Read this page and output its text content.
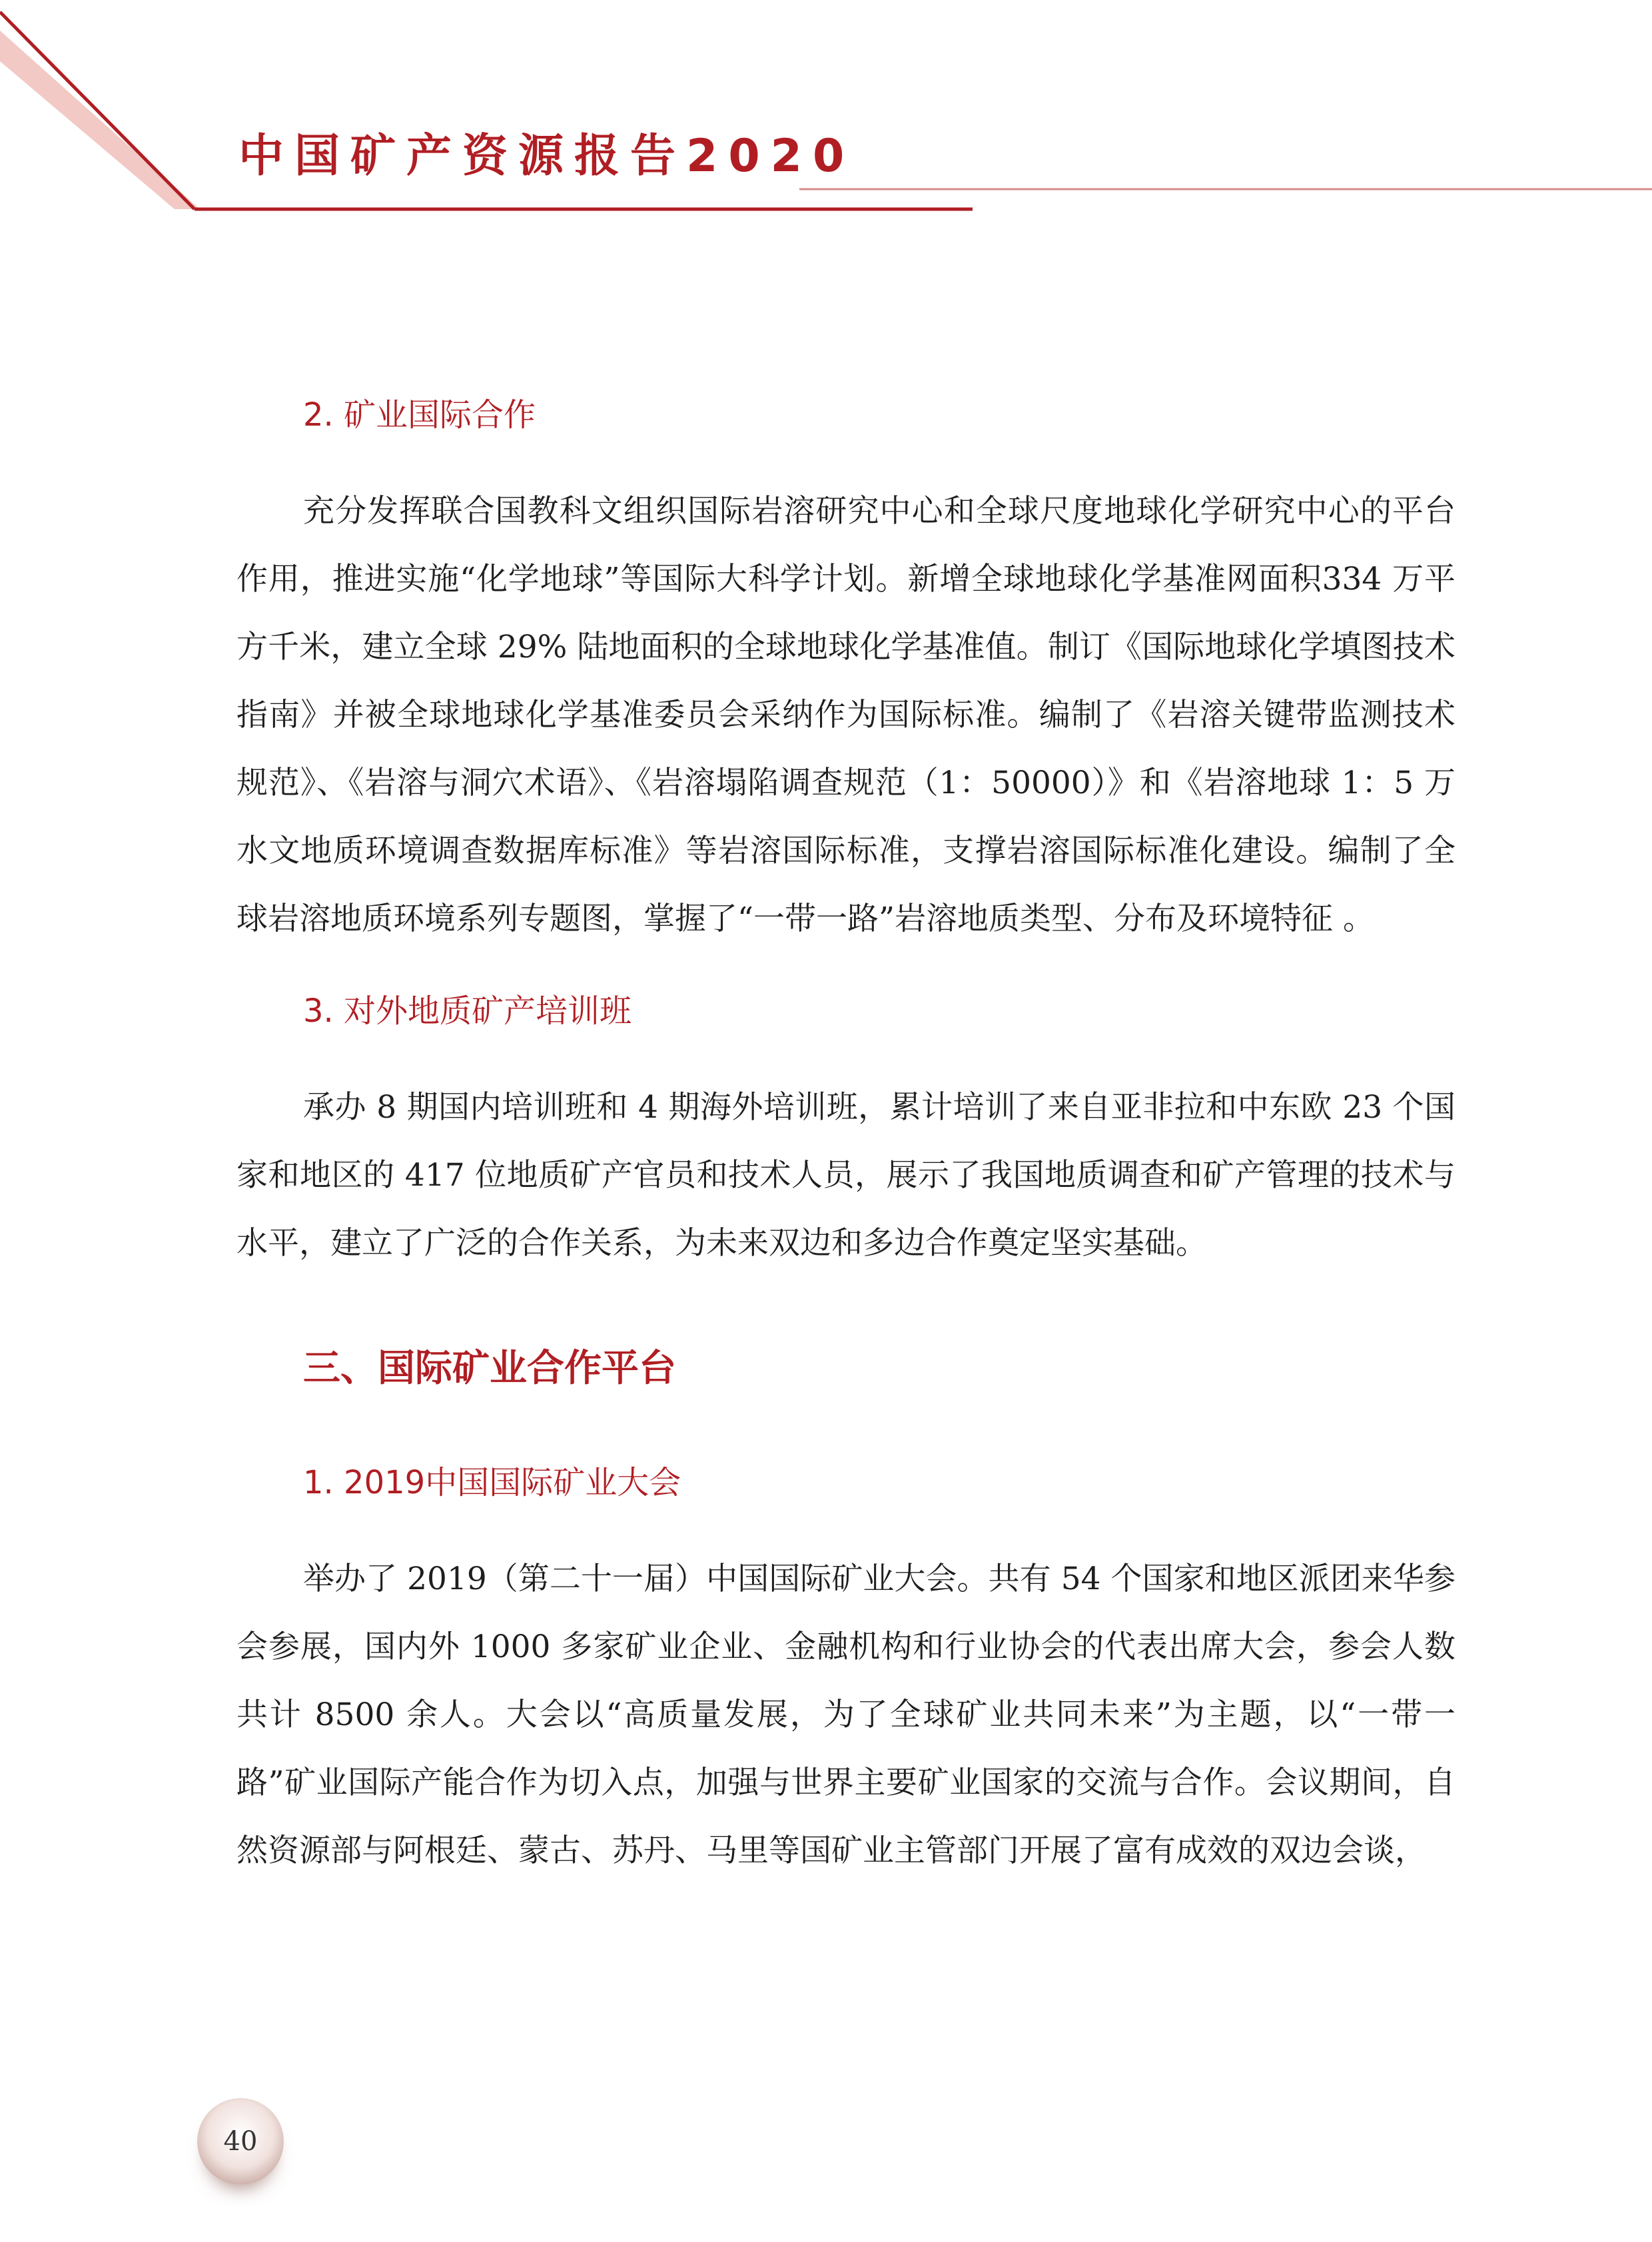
中国矿产资源报告2020
2. 矿业国际合作

充分发挥联合国教科文组织国际岩溶研究中心和全球尺度地球化学研究中心的平台作用，推进实施“化学地球”等国际大科学计划。新增全球地球化学基准网面积334 万平方千米，建立全球 29% 陆地面积的全球地球化学基准值。制订《国际地球化学填图技术指南》并被全球地球化学基准委员会采纳作为国际标准。编制了《岩溶关键带监测技术规范》、《岩溶与洞穴术语》、《岩溶塌陷调查规范（1：50000）》和《岩溶地球 1：5 万水文地质环境调查数据库标准》等岩溶国际标准，支撑岩溶国际标准化建设。编制了全球岩溶地质环境系列专题图，掌握了“一带一路”岩溶地质类型、分布及环境特征 。

3. 对外地质矿产培训班

承办 8 期国内培训班和 4 期海外培训班，累计培训了来自亚非拉和中东欧 23 个国家和地区的 417 位地质矿产官员和技术人员，展示了我国地质调查和矿产管理的技术与水平，建立了广泛的合作关系，为未来双边和多边合作奠定坚实基础。

三、国际矿业合作平台
1. 2019中国国际矿业大会

举办了 2019（第二十一届）中国国际矿业大会。共有 54 个国家和地区派团来华参会参展，国内外 1000 多家矿业企业、金融机构和行业协会的代表出席大会，参会人数共计 8500 余人。大会以“高质量发展，为了全球矿业共同未来”为主题，以“一带一路”矿业国际产能合作为切入点，加强与世界主要矿业国家的交流与合作。会议期间，自然资源部与阿根廷、蒙古、苏丹、马里等国矿业主管部门开展了富有成效的双边会谈，

40
